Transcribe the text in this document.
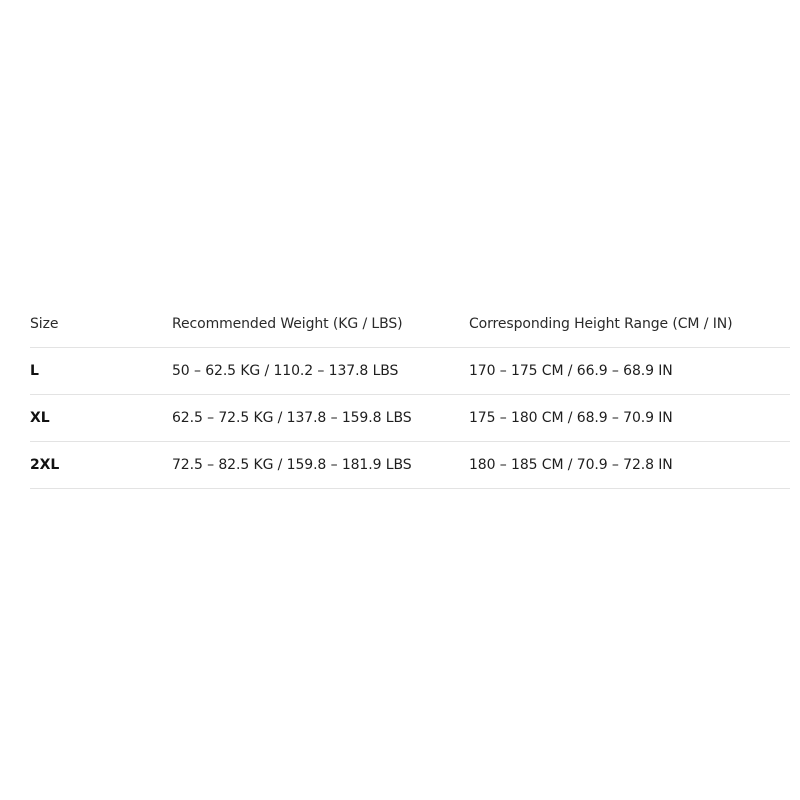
Size	Recommended Weight (KG / LBS)	Corresponding Height Range (CM / IN)
L	50 – 62.5 KG / 110.2 – 137.8 LBS	170 – 175 CM / 66.9 – 68.9 IN
XL	62.5 – 72.5 KG / 137.8 – 159.8 LBS	175 – 180 CM / 68.9 – 70.9 IN
2XL	72.5 – 82.5 KG / 159.8 – 181.9 LBS	180 – 185 CM / 70.9 – 72.8 IN
